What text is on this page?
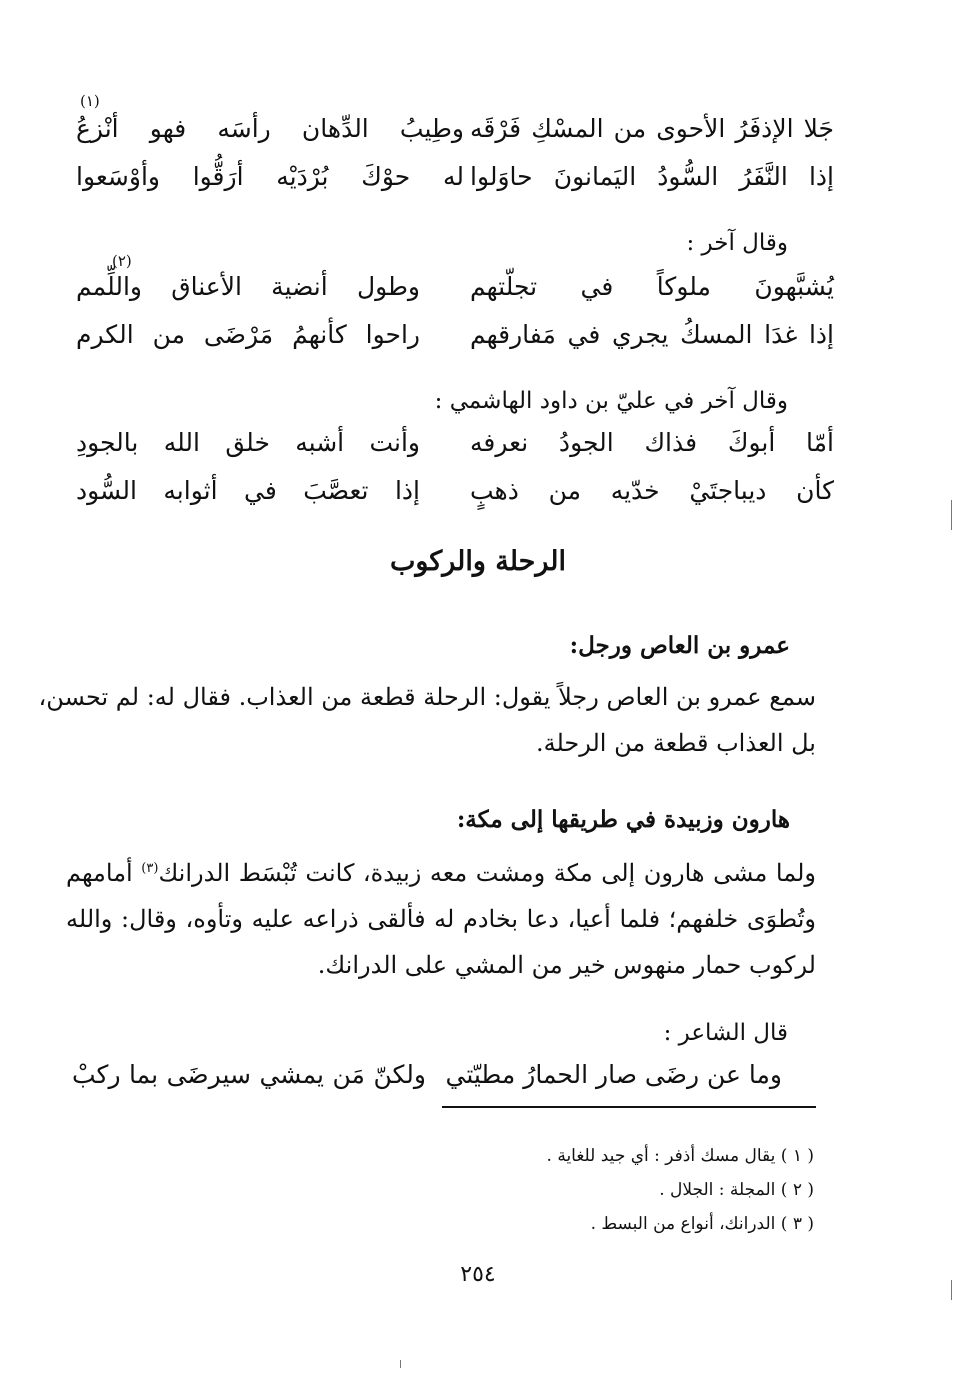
جَلا الإذفَرُ الأحوى من المسْكِ فَرْقَه
وطِيبُ الدِّهان رأسَه فهو أنْزعُ
(١)
إذا النَّفَرُ السُّودُ اليَمانونَ حاوَلوا
له حوْكَ بُرْدَيْه أرَقُّوا وأوْسَعوا
وقال آخر :
يُشبَّهونَ ملوكاً في تجلّتهم
وطول أنضية الأعناق واللِّمم
(٢)
إذا غدَا المسكُ يجري في مَفارقهم
راحوا كأنهمُ مَرْضَى من الكرم
وقال آخر في عليّ بن داود الهاشمي :
أمّا أبوكَ فذاك الجودُ نعرفه
وأنت أشبه خلق الله بالجودِ
كأن ديباجتَيْ خدّيه من ذهبٍ
إذا تعصَّبَ في أثوابه السُّود
الرحلة والركوب
عمرو بن العاص ورجل:
سمع عمرو بن العاص رجلاً يقول: الرحلة قطعة من العذاب. فقال له: لم تحسن،
بل العذاب قطعة من الرحلة.
هارون وزبيدة في طريقها إلى مكة:
ولما مشى هارون إلى مكة ومشت معه زبيدة، كانت تُبْسَط الدرانك$^{(٣)}$ أمامهم
وتُطوَى خلفهم؛ فلما أعيا، دعا بخادم له فألقى ذراعه عليه وتأوه، وقال: والله
لركوب حمار منهوس خير من المشي على الدرانك.
قال الشاعر :
وما عن رضَى صار الحمارُ مطيّتي
ولكنّ مَن يمشي سيرضَى بما ركبْ
( ١ ) يقال مسك أذفر : أي جيد للغاية .
( ٢ ) المجلة : الجلال .
( ٣ ) الدرانك، أنواع من البسط .
٢٥٤
